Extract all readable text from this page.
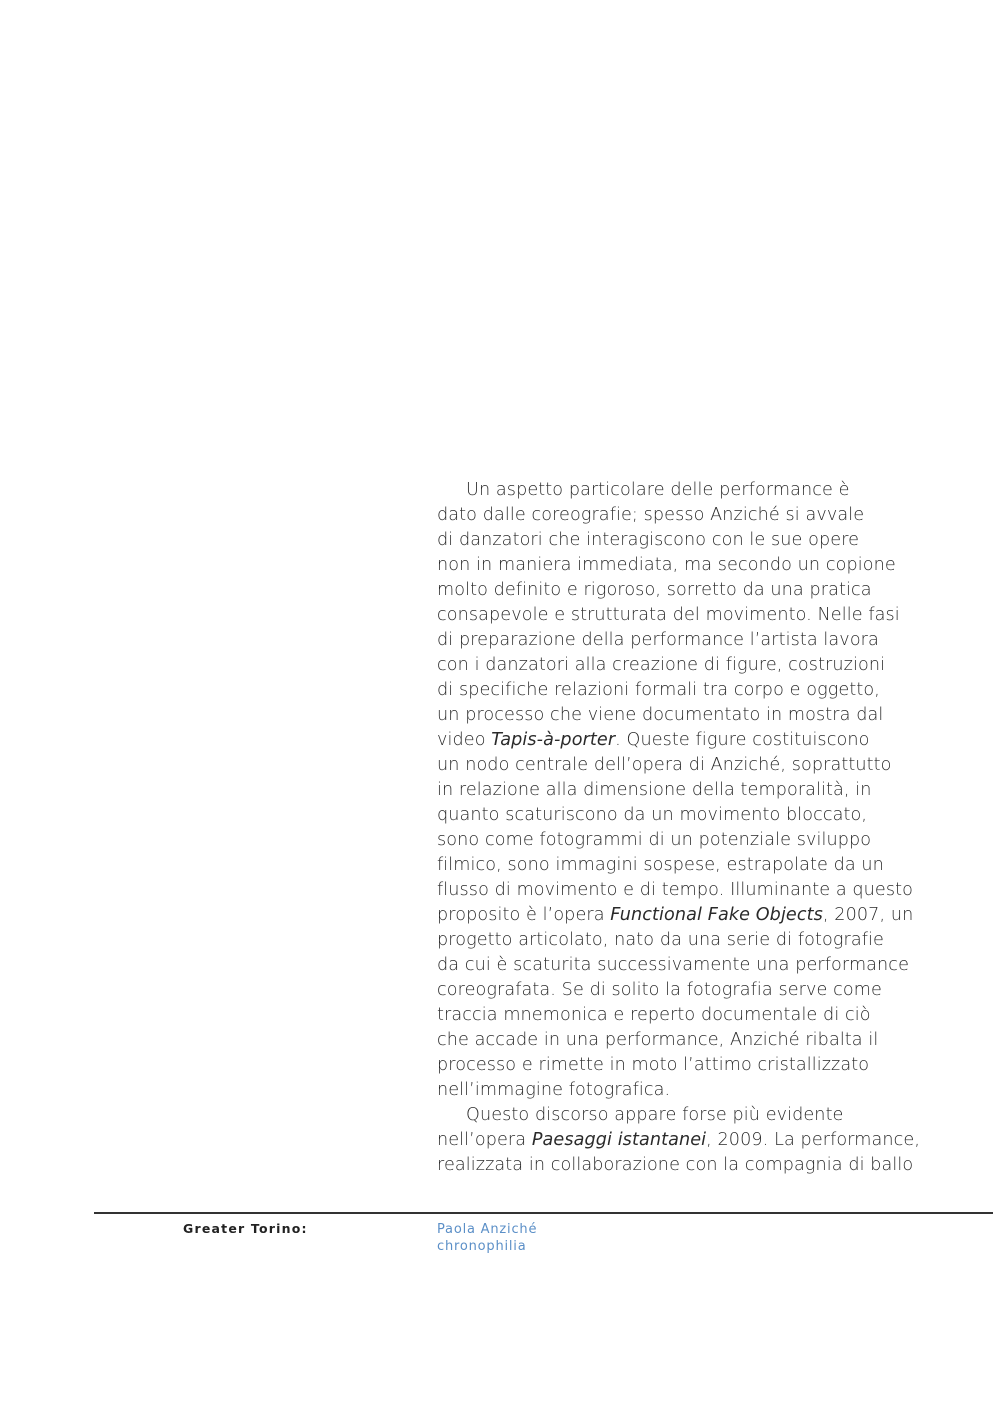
Un aspetto particolare delle performance è
dato dalle coreografie; spesso Anziché si avvale
di danzatori che interagiscono con le sue opere
non in maniera immediata, ma secondo un copione
molto definito e rigoroso, sorretto da una pratica
consapevole e strutturata del movimento. Nelle fasi
di preparazione della performance l’artista lavora
con i danzatori alla creazione di figure, costruzioni
di specifiche relazioni formali tra corpo e oggetto,
un processo che viene documentato in mostra dal
video Tapis-à-porter. Queste figure costituiscono
un nodo centrale dell’opera di Anziché, soprattutto
in relazione alla dimensione della temporalità, in
quanto scaturiscono da un movimento bloccato,
sono come fotogrammi di un potenziale sviluppo
filmico, sono immagini sospese, estrapolate da un
flusso di movimento e di tempo. Illuminante a questo
proposito è l’opera Functional Fake Objects, 2007, un
progetto articolato, nato da una serie di fotografie
da cui è scaturita successivamente una performance
coreografata. Se di solito la fotografia serve come
traccia mnemonica e reperto documentale di ciò
che accade in una performance, Anziché ribalta il
processo e rimette in moto l’attimo cristallizzato
nell’immagine fotografica.
Questo discorso appare forse più evidente
nell’opera Paesaggi istantanei, 2009. La performance,
realizzata in collaborazione con la compagnia di ballo
Greater Torino:	Paola Anziché
chronophilia
